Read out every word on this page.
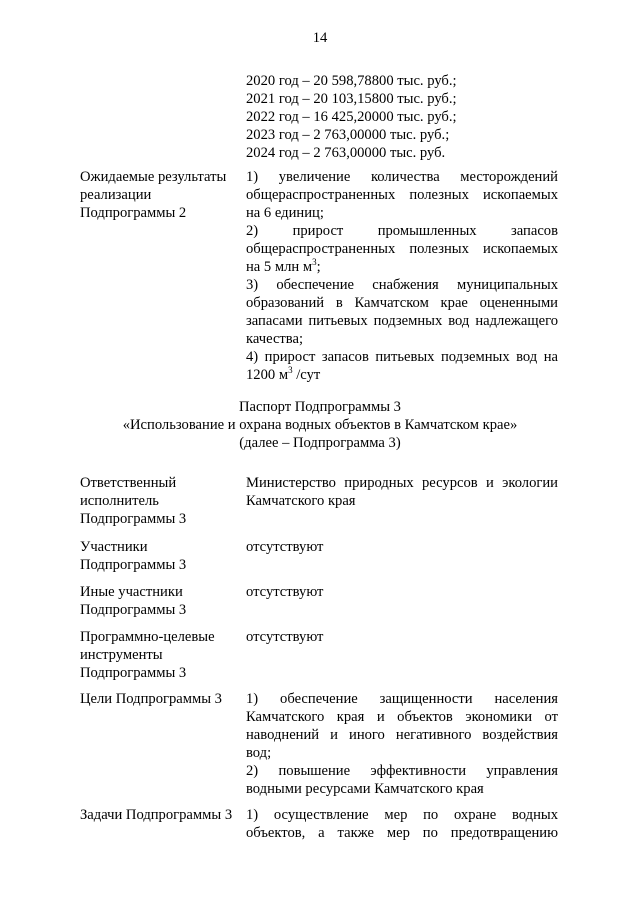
14
2020 год – 20 598,78800 тыс. руб.;
2021 год – 20 103,15800 тыс. руб.;
2022 год – 16 425,20000 тыс. руб.;
2023 год – 2 763,00000 тыс. руб.;
2024 год – 2 763,00000 тыс. руб.
Ожидаемые результаты
реализации
Подпрограммы 2
1) увеличение количества месторождений
общераспространенных полезных ископаемых
на 6 единиц;
2) прирост промышленных запасов
общераспространенных полезных ископаемых
на 5 млн $м^3$;
3) обеспечение снабжения муниципальных
образований в Камчатском крае оцененными
запасами питьевых подземных вод надлежащего
качества;
4) прирост запасов питьевых подземных вод на
1200 $м^3$ /сут
Паспорт Подпрограммы 3
«Использование и охрана водных объектов в Камчатском крае»
(далее – Подпрограмма 3)
Ответственный
исполнитель
Подпрограммы 3
Министерство природных ресурсов и экологии
Камчатского края
Участники
Подпрограммы 3
отсутствуют
Иные участники
Подпрограммы 3
отсутствуют
Программно-целевые
инструменты
Подпрограммы 3
отсутствуют
Цели Подпрограммы 3	1) обеспечение защищенности населения
Камчатского края и объектов экономики от
наводнений и иного негативного воздействия
вод;
2) повышение эффективности управления
водными ресурсами Камчатского края
Задачи Подпрограммы 3 1) осуществление мер по охране водных
объектов, а также мер по предотвращению
